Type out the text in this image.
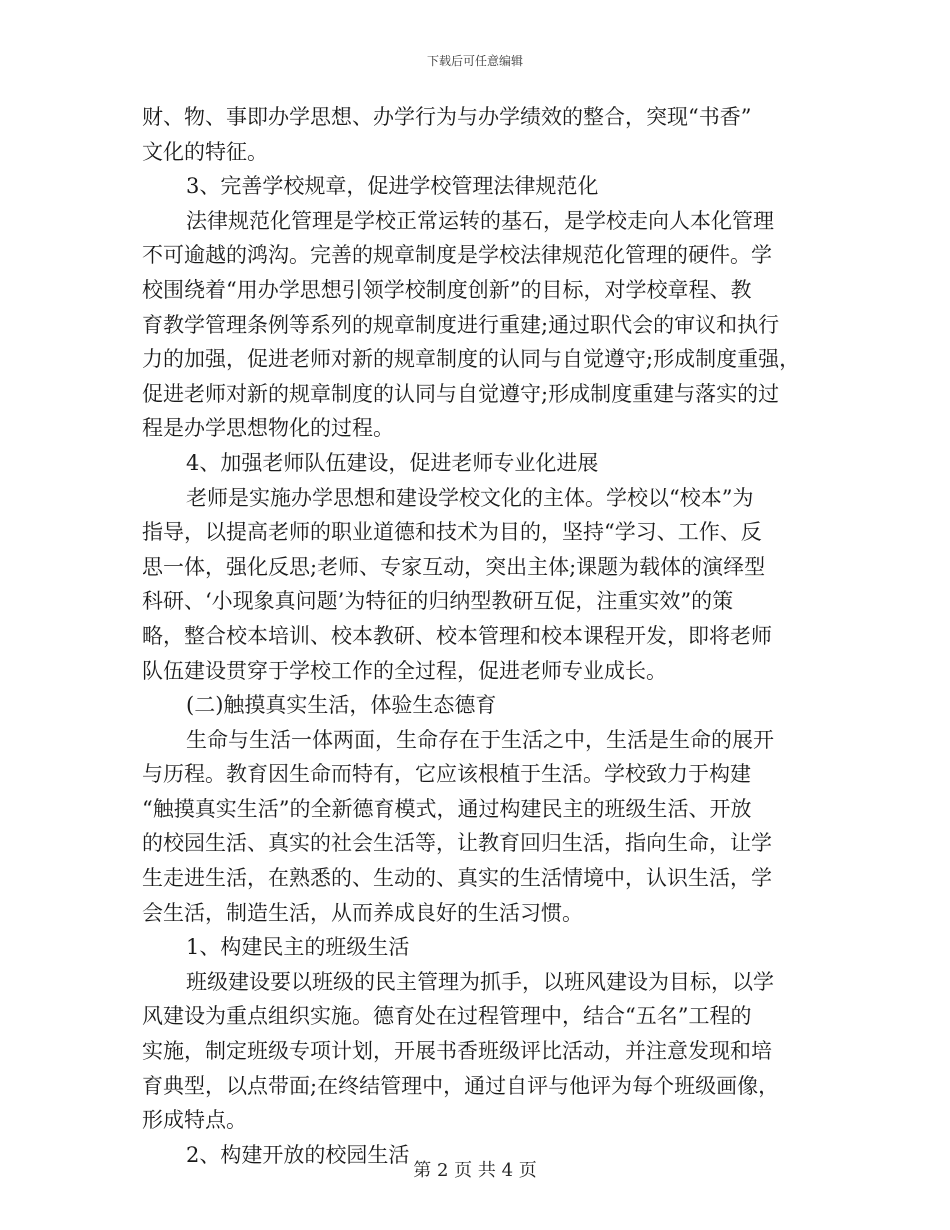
下载后可任意编辑
财、物、事即办学思想、办学行为与办学绩效的整合，突现“书香”
文化的特征。
3、完善学校规章，促进学校管理法律规范化
法律规范化管理是学校正常运转的基石，是学校走向人本化管理
不可逾越的鸿沟。完善的规章制度是学校法律规范化管理的硬件。学
校围绕着“用办学思想引领学校制度创新”的目标，对学校章程、教
育教学管理条例等系列的规章制度进行重建;通过职代会的审议和执行
力的加强，促进老师对新的规章制度的认同与自觉遵守;形成制度重强，
促进老师对新的规章制度的认同与自觉遵守;形成制度重建与落实的过
程是办学思想物化的过程。
4、加强老师队伍建设，促进老师专业化进展
老师是实施办学思想和建设学校文化的主体。学校以“校本”为
指导，以提高老师的职业道德和技术为目的，坚持“学习、工作、反
思一体，强化反思;老师、专家互动，突出主体;课题为载体的演绎型
科研、‘小现象真问题’为特征的归纳型教研互促，注重实效”的策
略，整合校本培训、校本教研、校本管理和校本课程开发，即将老师
队伍建设贯穿于学校工作的全过程，促进老师专业成长。
(二)触摸真实生活，体验生态德育
生命与生活一体两面，生命存在于生活之中，生活是生命的展开
与历程。教育因生命而特有，它应该根植于生活。学校致力于构建
“触摸真实生活”的全新德育模式，通过构建民主的班级生活、开放
的校园生活、真实的社会生活等，让教育回归生活，指向生命，让学
生走进生活，在熟悉的、生动的、真实的生活情境中，认识生活，学
会生活，制造生活，从而养成良好的生活习惯。
1、构建民主的班级生活
班级建设要以班级的民主管理为抓手，以班风建设为目标，以学
风建设为重点组织实施。德育处在过程管理中，结合“五名”工程的
实施，制定班级专项计划，开展书香班级评比活动，并注意发现和培
育典型，以点带面;在终结管理中，通过自评与他评为每个班级画像，
形成特点。
2、构建开放的校园生活
第 2 页 共 4 页
